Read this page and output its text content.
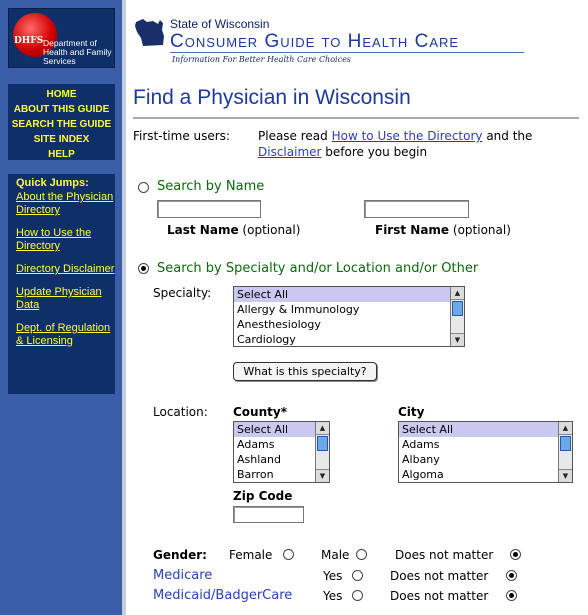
DHFS Department of Health and Family Services
HOME
ABOUT THIS GUIDE
SEARCH THE GUIDE
SITE INDEX
HELP
Quick Jumps:
About the Physician Directory
How to Use the Directory
Directory Disclaimer
Update Physician Data
Dept. of Regulation & Licensing
State of Wisconsin
Consumer Guide to Health Care
Information For Better Health Care Choices
Find a Physician in Wisconsin
First-time users: Please read How to Use the Directory and the Disclaimer before you begin
Search by Name
Last Name (optional)	First Name (optional)
Search by Specialty and/or Location and/or Other
Specialty: Select All
Allergy & Immunology
Anesthesiology
Cardiology
▲
▼
What is this specialty?
Location: County*	City
Select All
Adams
Ashland
Barron
▲
▼
Select All
Adams
Albany
Algoma
▲
▼
Zip Code
Gender: Female	Male	Does not matter
Medicare	Yes	Does not matter
Medicaid/BadgerCare	Yes	Does not matter
